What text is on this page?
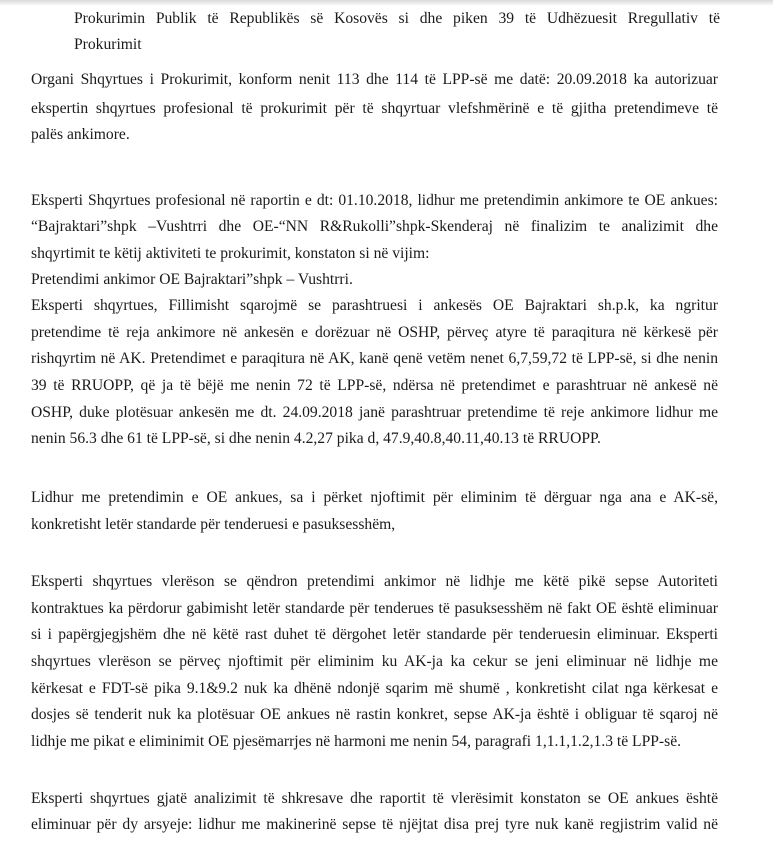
Prokurimin Publik të Republikës së Kosovës si dhe piken 39 të Udhëzuesit Rregullativ të
Prokurimit
Organi Shqyrtues i Prokurimit, konform nenit 113 dhe 114 të LPP-së me datë: 20.09.2018 ka autorizuar
ekspertin shqyrtues profesional të prokurimit për të shqyrtuar vlefshmërinë e të gjitha pretendimeve të
palës ankimore.
Eksperti Shqyrtues profesional në raportin e dt: 01.10.2018, lidhur me pretendimin ankimore te OE ankues:
“Bajraktari”shpk –Vushtrri dhe OE-“NN R&Rukolli”shpk-Skenderaj në finalizim te analizimit dhe
shqyrtimit te këtij aktiviteti te prokurimit, konstaton si në vijim:
Pretendimi ankimor OE Bajraktari”shpk – Vushtrri.
Eksperti shqyrtues, Fillimisht sqarojmë se parashtruesi i ankesës OE Bajraktari sh.p.k, ka ngritur
pretendime të reja ankimore në ankesën e dorëzuar në OSHP, përveç atyre të paraqitura në kërkesë për
rishqyrtim në AK. Pretendimet e paraqitura në AK, kanë qenë vetëm nenet 6,7,59,72 të LPP-së, si dhe nenin
39 të RRUOPP, që ja të bëjë me nenin 72 të LPP-së, ndërsa në pretendimet e parashtruar në ankesë në
OSHP, duke plotësuar ankesën me dt. 24.09.2018 janë parashtruar pretendime të reje ankimore lidhur me
nenin 56.3 dhe 61 të LPP-së, si dhe nenin 4.2,27 pika d, 47.9,40.8,40.11,40.13 të RRUOPP.
Lidhur me pretendimin e OE ankues, sa i përket njoftimit për eliminim të dërguar nga ana e AK-së,
konkretisht letër standarde për tenderuesi e pasuksesshëm,
Eksperti shqyrtues vlerëson se qëndron pretendimi ankimor në lidhje me këtë pikë sepse Autoriteti
kontraktues ka përdorur gabimisht letër standarde për tenderues të pasuksesshëm në fakt OE është eliminuar
si i papërgjegjshëm dhe në këtë rast duhet të dërgohet letër standarde për tenderuesin eliminuar. Eksperti
shqyrtues vlerëson se përveç njoftimit për eliminim ku AK-ja ka cekur se jeni eliminuar në lidhje me
kërkesat e FDT-së pika 9.1&9.2 nuk ka dhënë ndonjë sqarim më shumë , konkretisht cilat nga kërkesat e
dosjes së tenderit nuk ka plotësuar OE ankues në rastin konkret, sepse AK-ja është i obliguar të sqaroj në
lidhje me pikat e eliminimit OE pjesëmarrjes në harmoni me nenin 54, paragrafi 1,1.1,1.2,1.3 të LPP-së.
Eksperti shqyrtues gjatë analizimit të shkresave dhe raportit të vlerësimit konstaton se OE ankues është
eliminuar për dy arsyeje: lidhur me makinerinë sepse të njëjtat disa prej tyre nuk kanë regjistrim valid në
